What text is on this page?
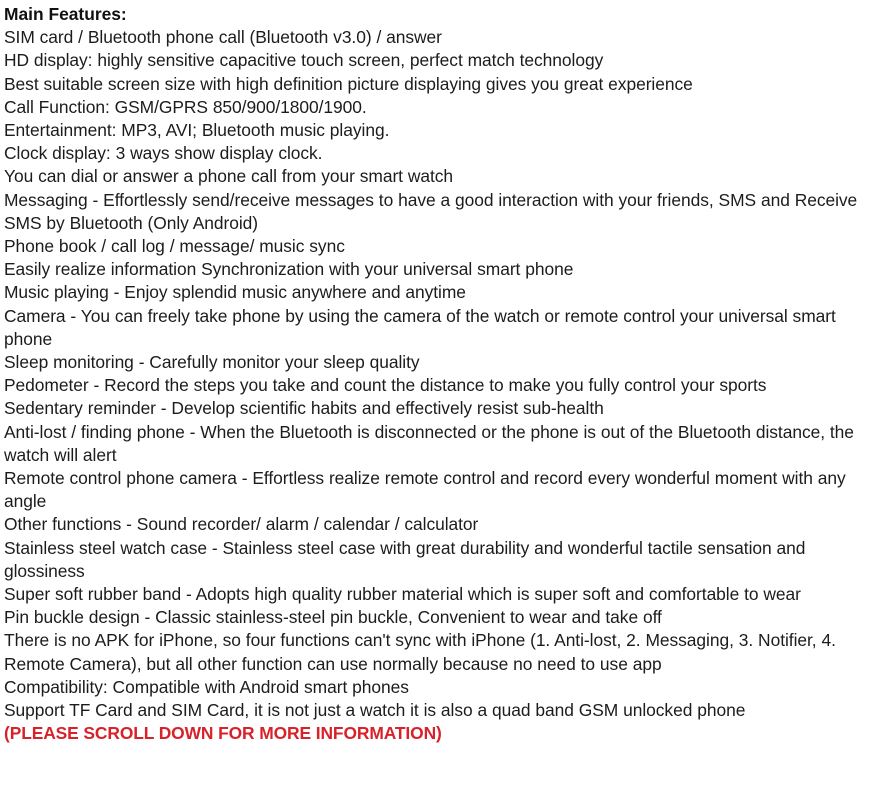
Main Features:
SIM card / Bluetooth phone call (Bluetooth v3.0) / answer
HD display: highly sensitive capacitive touch screen, perfect match technology
Best suitable screen size with high definition picture displaying gives you great experience
Call Function: GSM/GPRS 850/900/1800/1900.
Entertainment: MP3, AVI; Bluetooth music playing.
Clock display: 3 ways show display clock.
You can dial or answer a phone call from your smart watch
Messaging - Effortlessly send/receive messages to have a good interaction with your friends, SMS and Receive SMS by Bluetooth (Only Android)
Phone book / call log / message/ music sync
Easily realize information Synchronization with your universal smart phone
Music playing - Enjoy splendid music anywhere and anytime
Camera - You can freely take phone by using the camera of the watch or remote control your universal smart phone
Sleep monitoring - Carefully monitor your sleep quality
Pedometer - Record the steps you take and count the distance to make you fully control your sports
Sedentary reminder - Develop scientific habits and effectively resist sub-health
Anti-lost / finding phone - When the Bluetooth is disconnected or the phone is out of the Bluetooth distance, the watch will alert
Remote control phone camera - Effortless realize remote control and record every wonderful moment with any angle
Other functions - Sound recorder/ alarm / calendar / calculator
Stainless steel watch case - Stainless steel case with great durability and wonderful tactile sensation and glossiness
Super soft rubber band - Adopts high quality rubber material which is super soft and comfortable to wear
Pin buckle design - Classic stainless-steel pin buckle, Convenient to wear and take off
There is no APK for iPhone, so four functions can't sync with iPhone (1. Anti-lost, 2. Messaging, 3. Notifier, 4. Remote Camera), but all other function can use normally because no need to use app
Compatibility: Compatible with Android smart phones
Support TF Card and SIM Card, it is not just a watch it is also a quad band GSM unlocked phone
(PLEASE SCROLL DOWN FOR MORE INFORMATION)
